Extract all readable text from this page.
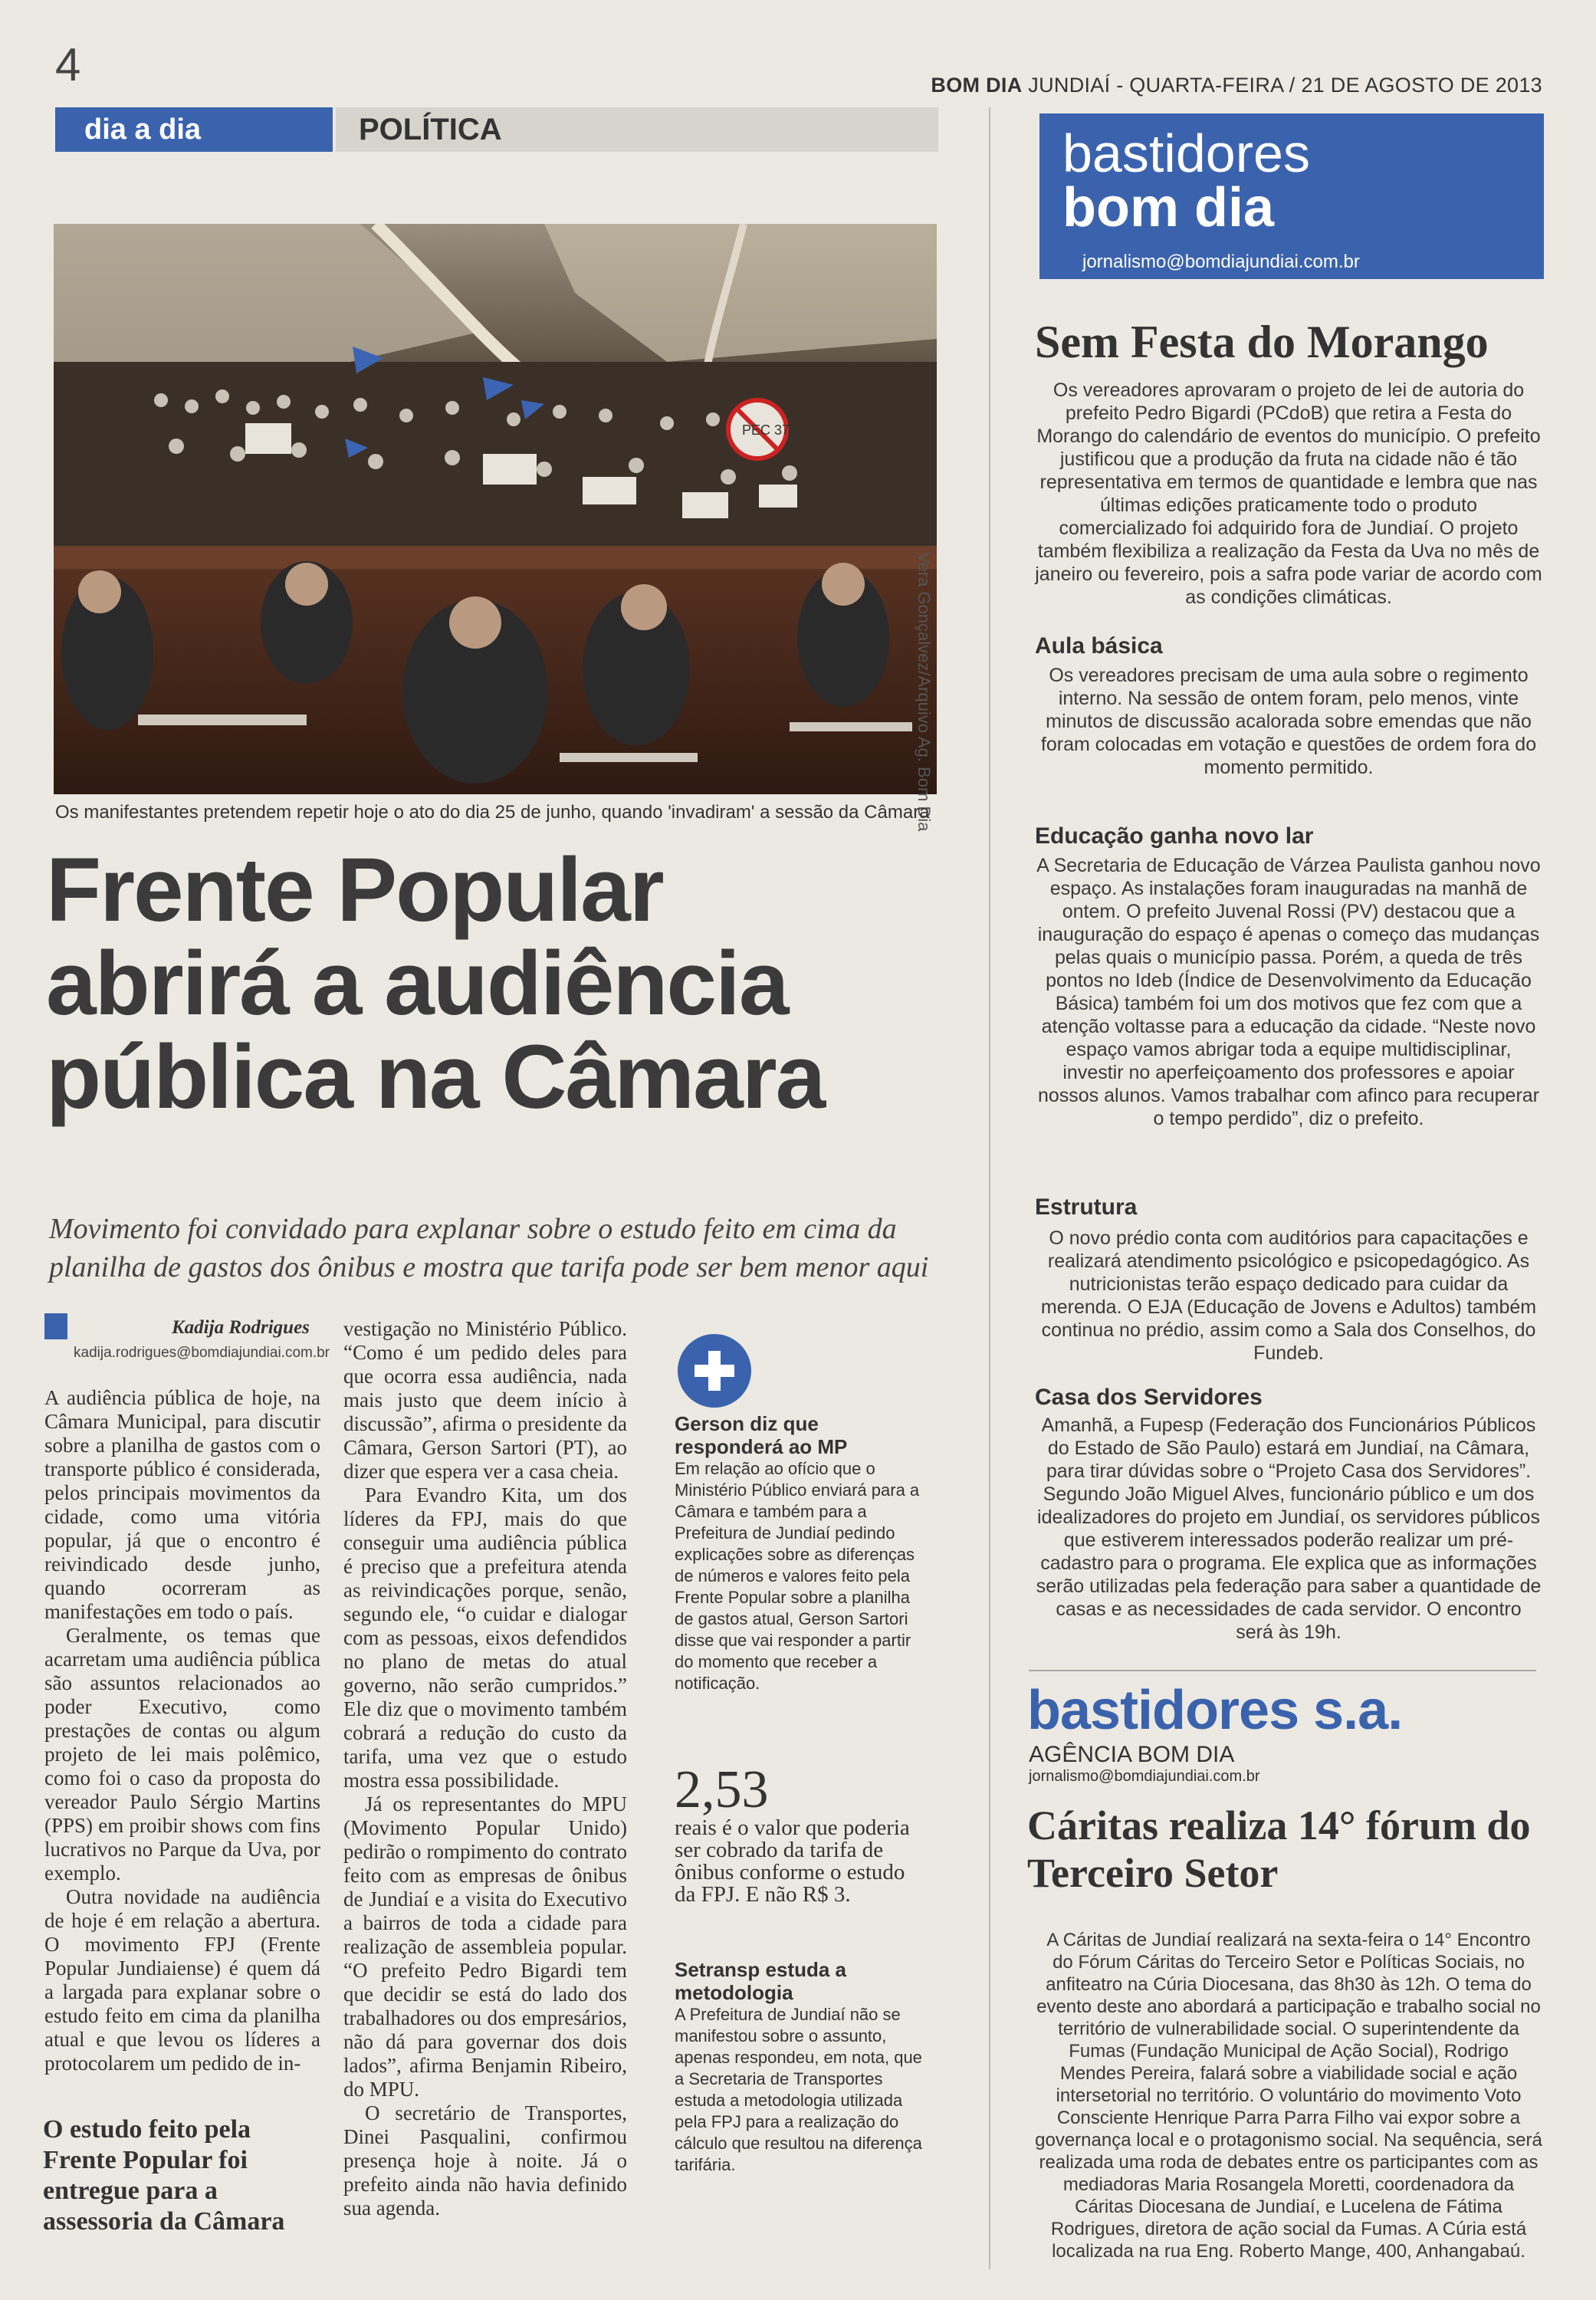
4	BOM DIA JUNDIAÍ - QUARTA-FEIRA / 21 DE AGOSTO DE 2013
dia a dia	POLÍTICA
PEC 37
Vera Gonçalvez/Arquivo Ag. Bom Dia
Os manifestantes pretendem repetir hoje o ato do dia 25 de junho, quando 'invadiram' a sessão da Câmara
Frente Popular
abrirá a audiência
pública na Câmara
Movimento foi convidado para explanar sobre o estudo feito em cima da planilha de gastos dos ônibus e mostra que tarifa pode ser bem menor aqui
Kadija Rodrigues
kadija.rodrigues@bomdiajundiai.com.br

A audiência pública de hoje, na Câmara Municipal, para discutir sobre a planilha de gastos com o transporte público é considerada, pelos principais movimentos da cidade, como uma vitória popular, já que o encontro é reivindicado desde junho, quando ocorreram as manifestações em todo o país.

Geralmente, os temas que acarretam uma audiência pública são assuntos relacionados ao poder Executivo, como prestações de contas ou algum projeto de lei mais polêmico, como foi o caso da proposta do vereador Paulo Sérgio Martins (PPS) em proibir shows com fins lucrativos no Parque da Uva, por exemplo.

Outra novidade na audiência de hoje é em relação a abertura. O movimento FPJ (Frente Popular Jundiaiense) é quem dá a largada para explanar sobre o estudo feito em cima da planilha atual e que levou os líderes a protocolarem um pedido de in-

O estudo feito pela Frente Popular foi entregue para a assessoria da Câmara

vestigação no Ministério Público. “Como é um pedido deles para que ocorra essa audiência, nada mais justo que deem início à discussão”, afirma o presidente da Câmara, Gerson Sartori (PT), ao dizer que espera ver a casa cheia.

Para Evandro Kita, um dos líderes da FPJ, mais do que conseguir uma audiência pública é preciso que a prefeitura atenda as reivindicações porque, senão, segundo ele, “o cuidar e dialogar com as pessoas, eixos defendidos no plano de metas do atual governo, não serão cumpridos.” Ele diz que o movimento também cobrará a redução do custo da tarifa, uma vez que o estudo mostra essa possibilidade.

Já os representantes do MPU (Movimento Popular Unido) pedirão o rompimento do contrato feito com as empresas de ônibus de Jundiaí e a visita do Executivo a bairros de toda a cidade para realização de assembleia popular. “O prefeito Pedro Bigardi tem que decidir se está do lado dos trabalhadores ou dos empresários, não dá para governar dos dois lados”, afirma Benjamin Ribeiro, do MPU.

O secretário de Transportes, Dinei Pasqualini, confirmou presença hoje à noite. Já o prefeito ainda não havia definido sua agenda.

Gerson diz que responderá ao MP
Em relação ao ofício que o Ministério Público enviará para a Câmara e também para a Prefeitura de Jundiaí pedindo explicações sobre as diferenças de números e valores feito pela Frente Popular sobre a planilha de gastos atual, Gerson Sartori disse que vai responder a partir do momento que receber a notificação.
2,53
reais é o valor que poderia ser cobrado da tarifa de ônibus conforme o estudo da FPJ. E não R$ 3.
Setransp estuda a metodologia
A Prefeitura de Jundiaí não se manifestou sobre o assunto, apenas respondeu, em nota, que a Secretaria de Transportes estuda a metodologia utilizada pela FPJ para a realização do cálculo que resultou na diferença tarifária.
bastidores
bom dia
jornalismo@bomdiajundiai.com.br
Sem Festa do Morango
Os vereadores aprovaram o projeto de lei de autoria do prefeito Pedro Bigardi (PCdoB) que retira a Festa do Morango do calendário de eventos do município. O prefeito justificou que a produção da fruta na cidade não é tão representativa em termos de quantidade e lembra que nas últimas edições praticamente todo o produto comercializado foi adquirido fora de Jundiaí. O projeto também flexibiliza a realização da Festa da Uva no mês de janeiro ou fevereiro, pois a safra pode variar de acordo com as condições climáticas.
Aula básica
Os vereadores precisam de uma aula sobre o regimento interno. Na sessão de ontem foram, pelo menos, vinte minutos de discussão acalorada sobre emendas que não foram colocadas em votação e questões de ordem fora do momento permitido.
Educação ganha novo lar
A Secretaria de Educação de Várzea Paulista ganhou novo espaço. As instalações foram inauguradas na manhã de ontem. O prefeito Juvenal Rossi (PV) destacou que a inauguração do espaço é apenas o começo das mudanças pelas quais o município passa. Porém, a queda de três pontos no Ideb (Índice de Desenvolvimento da Educação Básica) também foi um dos motivos que fez com que a atenção voltasse para a educação da cidade. “Neste novo espaço vamos abrigar toda a equipe multidisciplinar, investir no aperfeiçoamento dos professores e apoiar nossos alunos. Vamos trabalhar com afinco para recuperar o tempo perdido”, diz o prefeito.
Estrutura
O novo prédio conta com auditórios para capacitações e realizará atendimento psicológico e psicopedagógico. As nutricionistas terão espaço dedicado para cuidar da merenda. O EJA (Educação de Jovens e Adultos) também continua no prédio, assim como a Sala dos Conselhos, do Fundeb.
Casa dos Servidores
Amanhã, a Fupesp (Federação dos Funcionários Públicos do Estado de São Paulo) estará em Jundiaí, na Câmara, para tirar dúvidas sobre o “Projeto Casa dos Servidores”. Segundo João Miguel Alves, funcionário público e um dos idealizadores do projeto em Jundiaí, os servidores públicos que estiverem interessados poderão realizar um pré-cadastro para o programa. Ele explica que as informações serão utilizadas pela federação para saber a quantidade de casas e as necessidades de cada servidor. O encontro será às 19h.
bastidores s.a.
AGÊNCIA BOM DIA
jornalismo@bomdiajundiai.com.br
Cáritas realiza 14° fórum do Terceiro Setor
A Cáritas de Jundiaí realizará na sexta-feira o 14° Encontro do Fórum Cáritas do Terceiro Setor e Políticas Sociais, no anfiteatro na Cúria Diocesana, das 8h30 às 12h. O tema do evento deste ano abordará a participação e trabalho social no território de vulnerabilidade social. O superintendente da Fumas (Fundação Municipal de Ação Social), Rodrigo Mendes Pereira, falará sobre a viabilidade social e ação intersetorial no território. O voluntário do movimento Voto Consciente Henrique Parra Parra Filho vai expor sobre a governança local e o protagonismo social. Na sequência, será realizada uma roda de debates entre os participantes com as mediadoras Maria Rosangela Moretti, coordenadora da Cáritas Diocesana de Jundiaí, e Lucelena de Fátima Rodrigues, diretora de ação social da Fumas. A Cúria está localizada na rua Eng. Roberto Mange, 400, Anhangabaú.
